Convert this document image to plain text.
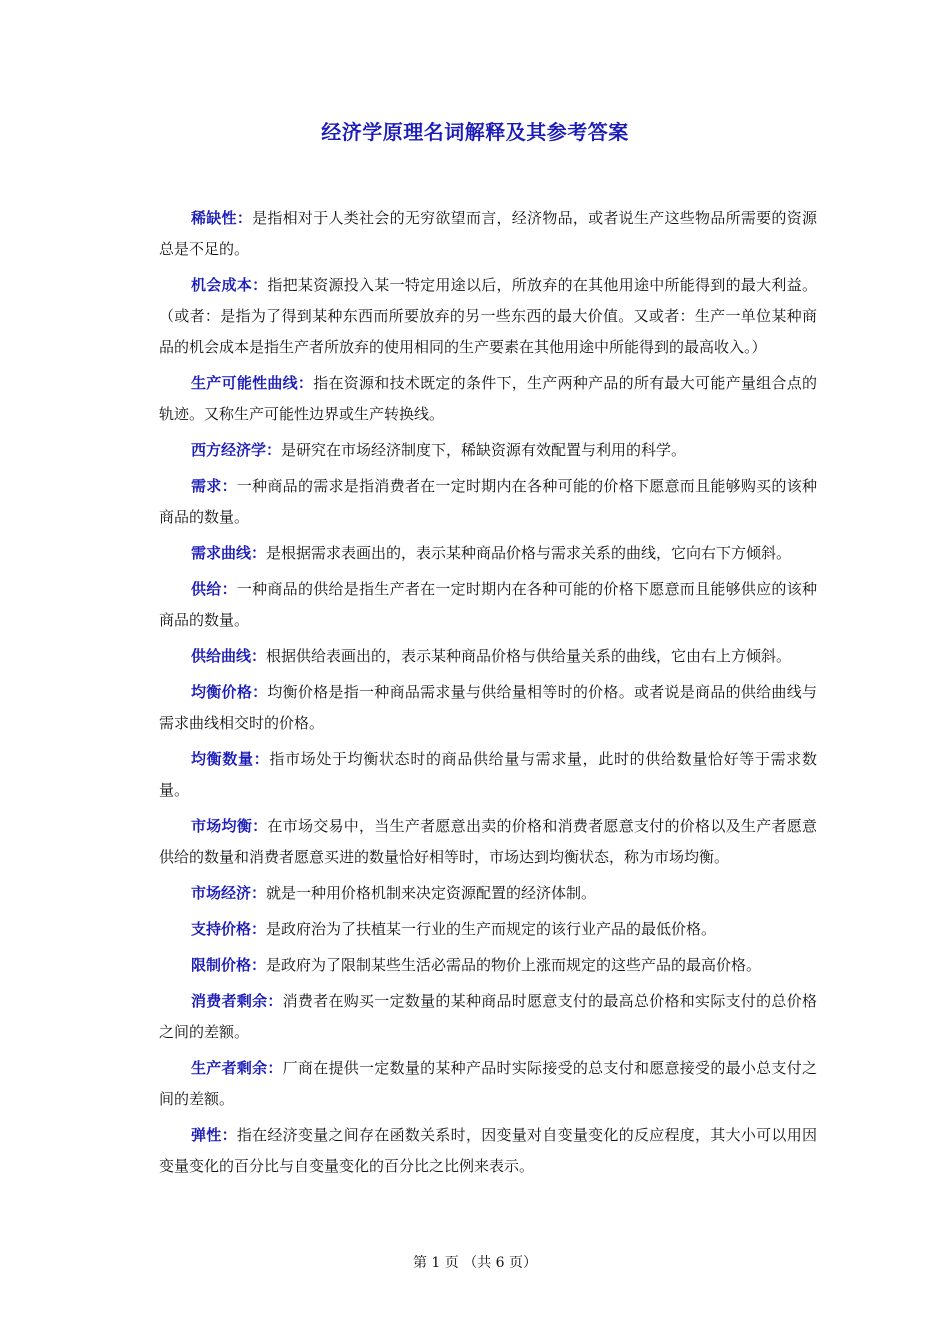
经济学原理名词解释及其参考答案

稀缺性：是指相对于人类社会的无穷欲望而言，经济物品，或者说生产这些物品所需要的资源总是不足的。

机会成本：指把某资源投入某一特定用途以后，所放弃的在其他用途中所能得到的最大利益。（或者：是指为了得到某种东西而所要放弃的另一些东西的最大价值。又或者：生产一单位某种商品的机会成本是指生产者所放弃的使用相同的生产要素在其他用途中所能得到的最高收入。）

生产可能性曲线：指在资源和技术既定的条件下，生产两种产品的所有最大可能产量组合点的轨迹。又称生产可能性边界或生产转换线。

西方经济学：是研究在市场经济制度下，稀缺资源有效配置与利用的科学。

需求：一种商品的需求是指消费者在一定时期内在各种可能的价格下愿意而且能够购买的该种商品的数量。

需求曲线：是根据需求表画出的，表示某种商品价格与需求关系的曲线，它向右下方倾斜。

供给：一种商品的供给是指生产者在一定时期内在各种可能的价格下愿意而且能够供应的该种商品的数量。

供给曲线：根据供给表画出的，表示某种商品价格与供给量关系的曲线，它由右上方倾斜。

均衡价格：均衡价格是指一种商品需求量与供给量相等时的价格。或者说是商品的供给曲线与需求曲线相交时的价格。

均衡数量：指市场处于均衡状态时的商品供给量与需求量，此时的供给数量恰好等于需求数量。

市场均衡：在市场交易中，当生产者愿意出卖的价格和消费者愿意支付的价格以及生产者愿意供给的数量和消费者愿意买进的数量恰好相等时，市场达到均衡状态，称为市场均衡。

市场经济：就是一种用价格机制来决定资源配置的经济体制。

支持价格：是政府治为了扶植某一行业的生产而规定的该行业产品的最低价格。

限制价格：是政府为了限制某些生活必需品的物价上涨而规定的这些产品的最高价格。

消费者剩余：消费者在购买一定数量的某种商品时愿意支付的最高总价格和实际支付的总价格之间的差额。

生产者剩余：厂商在提供一定数量的某种产品时实际接受的总支付和愿意接受的最小总支付之间的差额。

弹性：指在经济变量之间存在函数关系时，因变量对自变量变化的反应程度，其大小可以用因变量变化的百分比与自变量变化的百分比之比例来表示。

第 1 页 （共 6 页）
